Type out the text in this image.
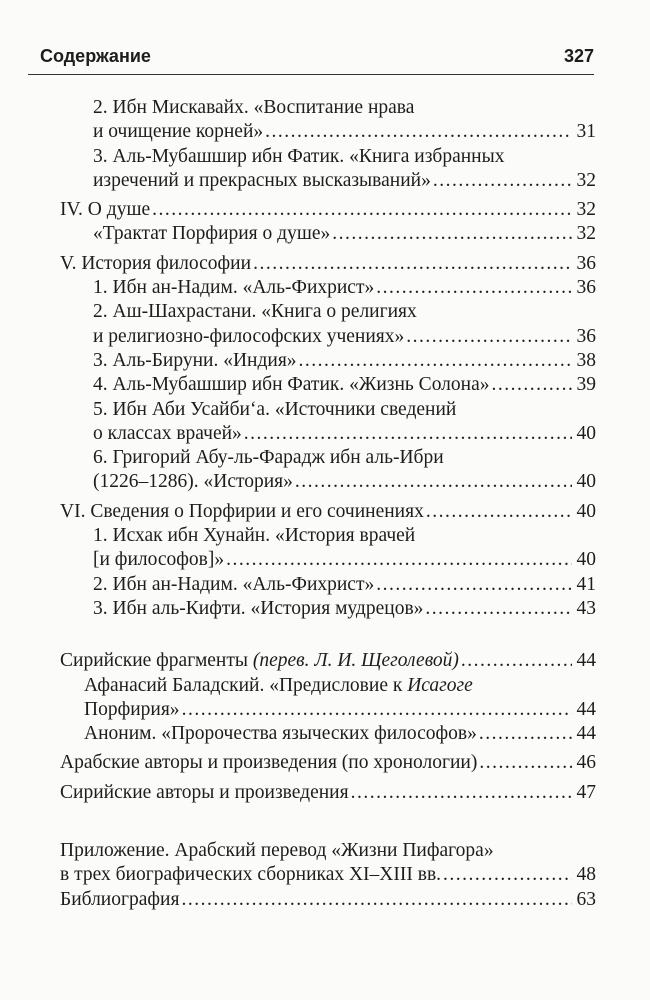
Содержание	327
2. Ибн Мискавайх. «Воспитание нрава
и очищение корней» .....	31
3. Аль-Мубашшир ибн Фатик. «Книга избранных
изречений и прекрасных высказываний» .....	32
IV. О душе .....	32
«Трактат Порфирия о душе» .....	32
V. История философии .....	36
1. Ибн ан-Надим. «Аль-Фихрист» .....	36
2. Аш-Шахрастани. «Книга о религиях
и религиозно-философских учениях» .....	36
3. Аль-Бируни. «Индия» .....	38
4. Аль-Мубашшир ибн Фатик. «Жизнь Солона» .....	39
5. Ибн Аби Усайби‘а. «Источники сведений
о классах врачей» .....	40
6. Григорий Абу-ль-Фарадж ибн аль-Ибри
(1226–1286). «История» .....	40
VI. Сведения о Порфирии и его сочинениях .....	40
1. Исхак ибн Хунайн. «История врачей
[и философов]» .....	40
2. Ибн ан-Надим. «Аль-Фихрист» .....	41
3. Ибн аль-Кифти. «История мудрецов» .....	43
Сирийские фрагменты (перев. Л. И. Щеголевой) .....	44
Афанасий Баладский. «Предисловие к Исагоге
Порфирия» .....	44
Аноним. «Пророчества языческих философов» .....	44
Арабские авторы и произведения (по хронологии) .....	46
Сирийские авторы и произведения .....	47
Приложение. Арабский перевод «Жизни Пифагора»
в трех биографических сборниках XI–XIII вв. .....	48
Библиография .....	63
